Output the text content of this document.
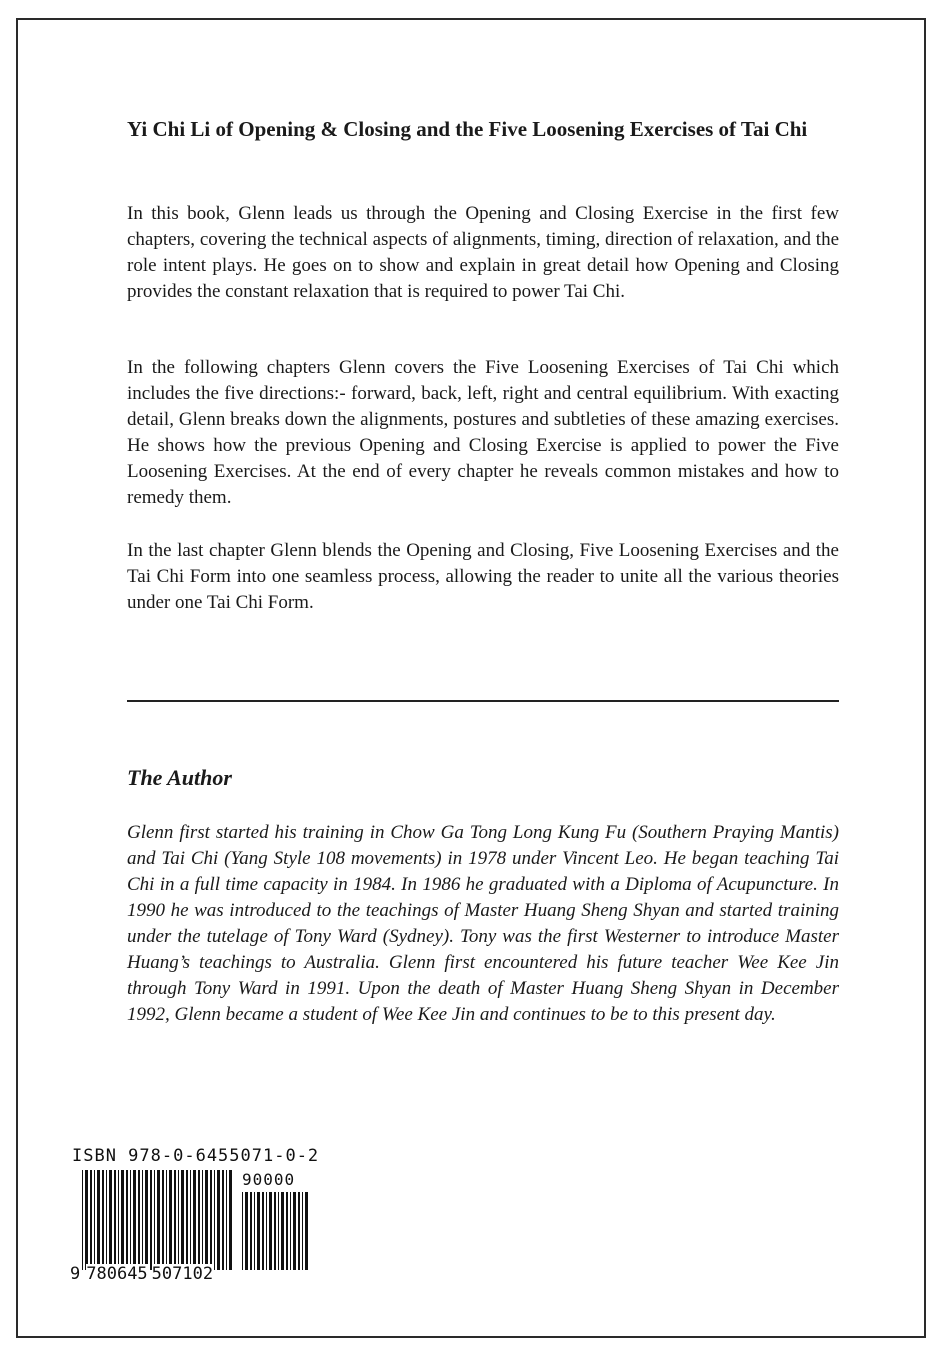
Yi Chi Li of Opening & Closing and the Five Loosening Exercises of Tai Chi

In this book, Glenn leads us through the Opening and Closing Exercise in the first few chapters, covering the technical aspects of alignments, timing, direction of relaxation, and the role intent plays. He goes on to show and explain in great detail how Opening and Closing provides the constant relaxation that is required to power Tai Chi.

In the following chapters Glenn covers the Five Loosening Exercises of Tai Chi which includes the five directions:- forward, back, left, right and central equilibrium. With exacting detail, Glenn breaks down the alignments, postures and subtleties of these amazing exercises. He shows how the previous Opening and Closing Exercise is applied to power the Five Loosening Exercises. At the end of every chapter he reveals common mistakes and how to remedy them.

In the last chapter Glenn blends the Opening and Closing, Five Loosening Exercises and the Tai Chi Form into one seamless process, allowing the reader to unite all the various theories under one Tai Chi Form.

The Author

Glenn first started his training in Chow Ga Tong Long Kung Fu (Southern Praying Mantis) and Tai Chi (Yang Style 108 movements) in 1978 under Vincent Leo. He began teaching Tai Chi in a full time capacity in 1984. In 1986 he graduated with a Diploma of Acupuncture. In 1990 he was introduced to the teachings of Master Huang Sheng Shyan and started training under the tutelage of Tony Ward (Sydney). Tony was the first Westerner to introduce Master Huang’s teachings to Australia. Glenn first encountered his future teacher Wee Kee Jin through Tony Ward in 1991. Upon the death of Master Huang Sheng Shyan in December 1992, Glenn became a student of Wee Kee Jin and continues to be to this present day.

ISBN 978-0-6455071-0-2
90000
9 780645 507102
